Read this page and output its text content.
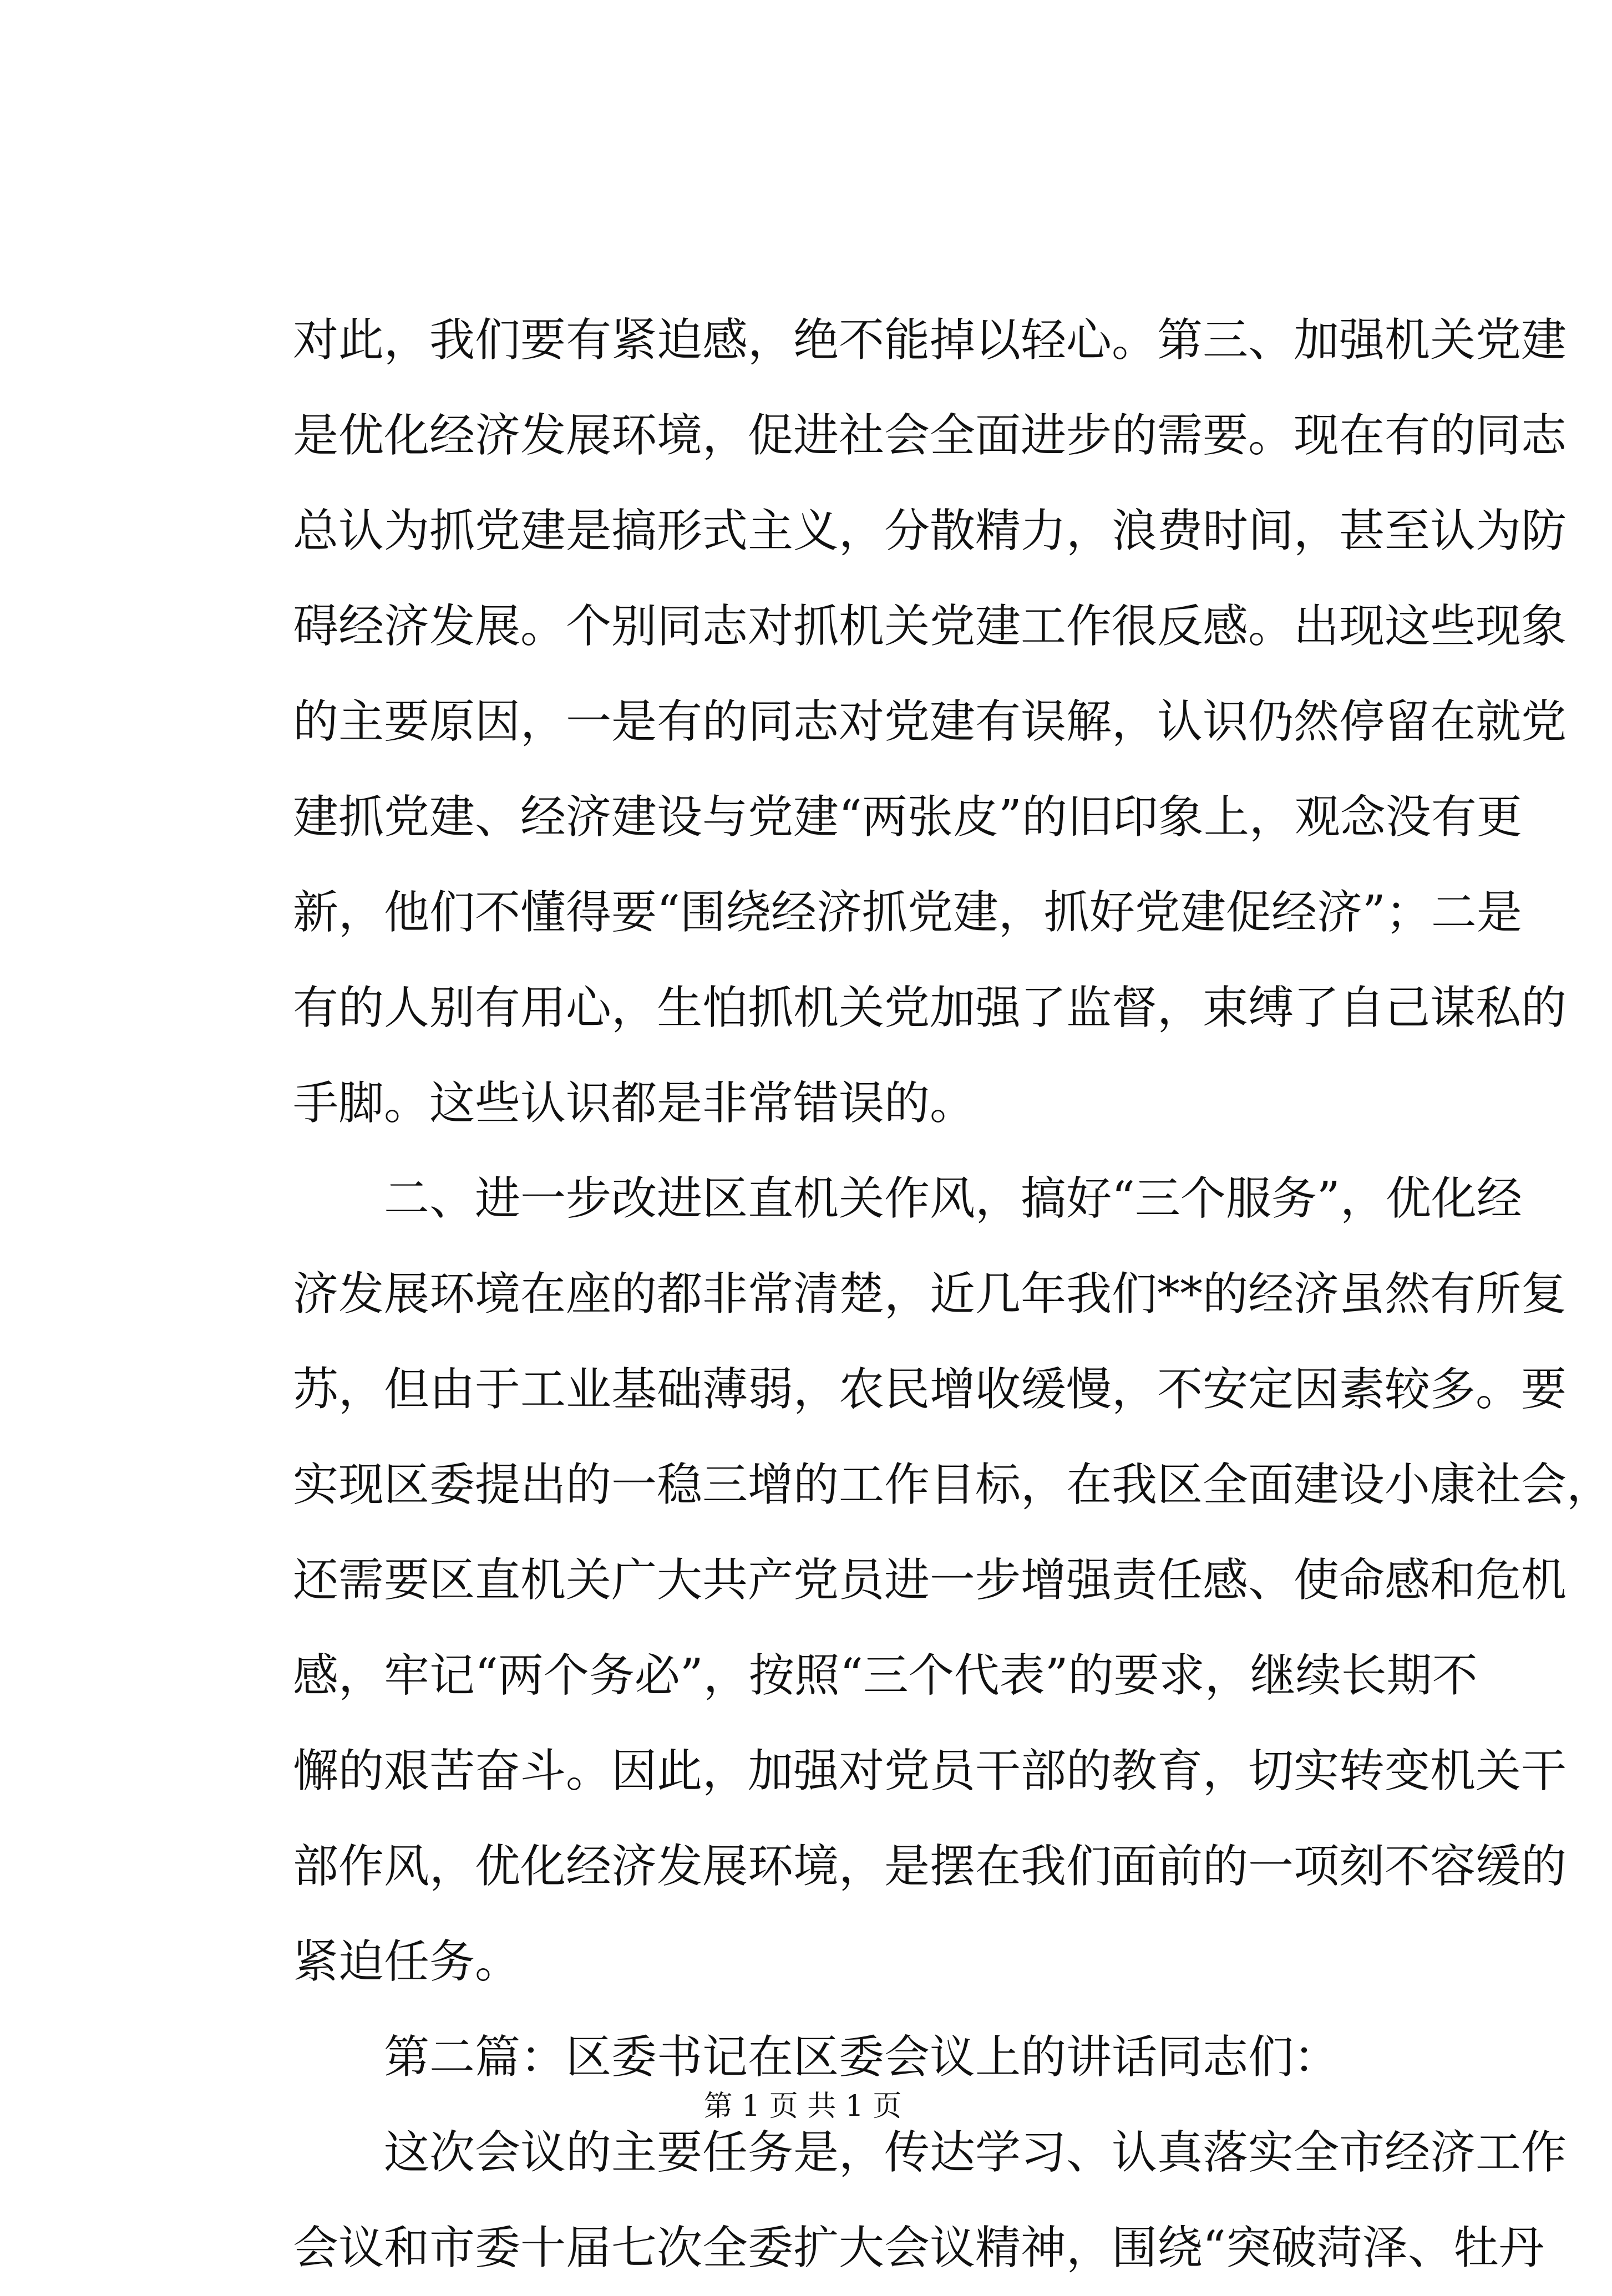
对此，我们要有紧迫感，绝不能掉以轻心。第三、加强机关党建
是优化经济发展环境，促进社会全面进步的需要。现在有的同志
总认为抓党建是搞形式主义，分散精力，浪费时间，甚至认为防
碍经济发展。个别同志对抓机关党建工作很反感。出现这些现象
的主要原因，一是有的同志对党建有误解，认识仍然停留在就党
建抓党建、经济建设与党建“两张皮”的旧印象上，观念没有更
新，他们不懂得要“围绕经济抓党建，抓好党建促经济”；二是
有的人别有用心，生怕抓机关党加强了监督，束缚了自己谋私的
手脚。这些认识都是非常错误的。
二、进一步改进区直机关作风，搞好“三个服务”，优化经
济发展环境在座的都非常清楚，近几年我们**的经济虽然有所复
苏，但由于工业基础薄弱，农民增收缓慢，不安定因素较多。要
实现区委提出的一稳三增的工作目标，在我区全面建设小康社会，
还需要区直机关广大共产党员进一步增强责任感、使命感和危机
感，牢记“两个务必”，按照“三个代表”的要求，继续长期不
懈的艰苦奋斗。因此，加强对党员干部的教育，切实转变机关干
部作风，优化经济发展环境，是摆在我们面前的一项刻不容缓的
紧迫任务。
第二篇：区委书记在区委会议上的讲话同志们：
这次会议的主要任务是，传达学习、认真落实全市经济工作
会议和市委十届七次全委扩大会议精神，围绕“突破菏泽、牡丹
第 1 页 共 1 页
